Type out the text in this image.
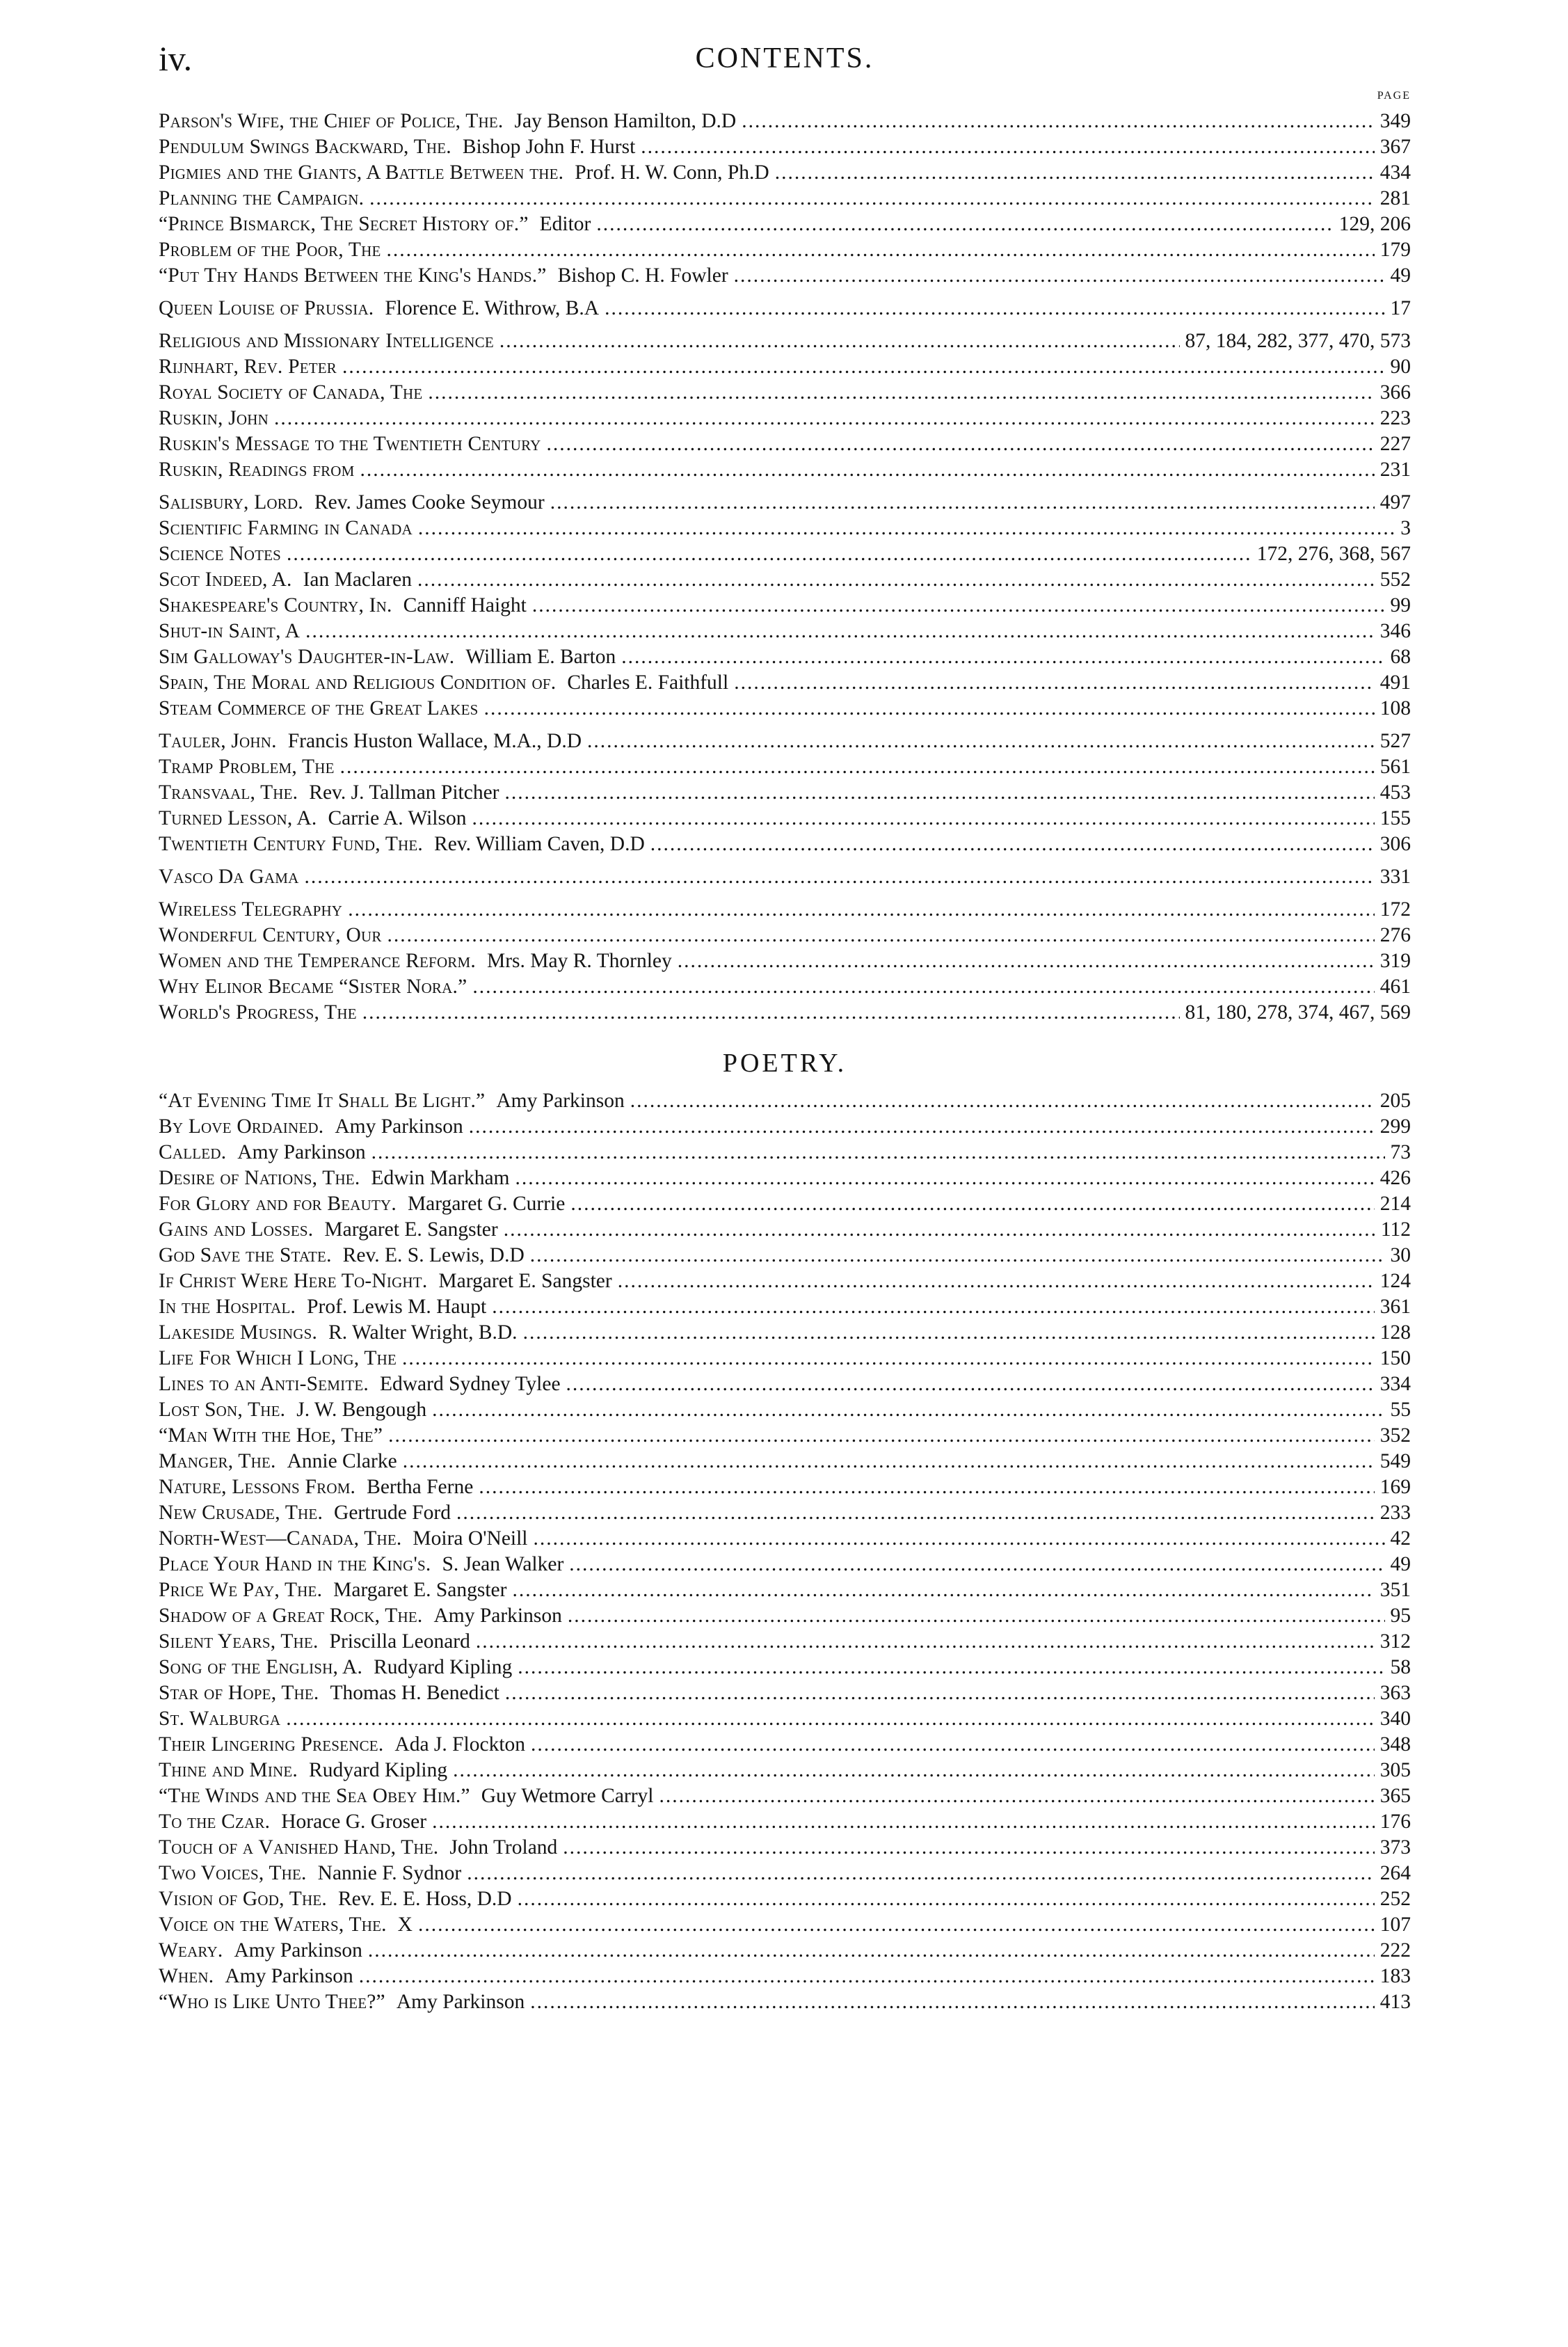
iv.	CONTENTS.
PAGE
Parson's Wife, the Chief of Police, The. Jay Benson Hamilton, D.D .....	349
Pendulum Swings Backward, The. Bishop John F. Hurst .....	367
Pigmies and the Giants, A Battle Between the. Prof. H. W. Conn, Ph.D .....	434
Planning the Campaign. .....	281
“Prince Bismarck, The Secret History of.” Editor .....	129, 206
Problem of the Poor, The .....	179
“Put Thy Hands Between the King's Hands.” Bishop C. H. Fowler .....	49
Queen Louise of Prussia. Florence E. Withrow, B.A .....	17
Religious and Missionary Intelligence .....	87, 184, 282, 377, 470, 573
Rijnhart, Rev. Peter .....	90
Royal Society of Canada, The .....	366
Ruskin, John .....	223
Ruskin's Message to the Twentieth Century .....	227
Ruskin, Readings from .....	231
Salisbury, Lord. Rev. James Cooke Seymour .....	497
Scientific Farming in Canada .....	3
Science Notes .....	172, 276, 368, 567
Scot Indeed, A. Ian Maclaren .....	552
Shakespeare's Country, In. Canniff Haight .....	99
Shut-in Saint, A .....	346
Sim Galloway's Daughter-in-Law. William E. Barton .....	68
Spain, The Moral and Religious Condition of. Charles E. Faithfull .....	491
Steam Commerce of the Great Lakes .....	108
Tauler, John. Francis Huston Wallace, M.A., D.D .....	527
Tramp Problem, The .....	561
Transvaal, The. Rev. J. Tallman Pitcher .....	453
Turned Lesson, A. Carrie A. Wilson .....	155
Twentieth Century Fund, The. Rev. William Caven, D.D .....	306
Vasco Da Gama .....	331
Wireless Telegraphy .....	172
Wonderful Century, Our .....	276
Women and the Temperance Reform. Mrs. May R. Thornley .....	319
Why Elinor Became “Sister Nora.” .....	461
World's Progress, The .....	81, 180, 278, 374, 467, 569
POETRY.
“At Evening Time It Shall Be Light.” Amy Parkinson .....	205
By Love Ordained. Amy Parkinson .....	299
Called. Amy Parkinson .....	73
Desire of Nations, The. Edwin Markham .....	426
For Glory and for Beauty. Margaret G. Currie .....	214
Gains and Losses. Margaret E. Sangster .....	112
God Save the State. Rev. E. S. Lewis, D.D .....	30
If Christ Were Here To-Night. Margaret E. Sangster .....	124
In the Hospital. Prof. Lewis M. Haupt .....	361
Lakeside Musings. R. Walter Wright, B.D. .....	128
Life For Which I Long, The .....	150
Lines to an Anti-Semite. Edward Sydney Tylee .....	334
Lost Son, The. J. W. Bengough .....	55
“Man With the Hoe, The” .....	352
Manger, The. Annie Clarke .....	549
Nature, Lessons From. Bertha Ferne .....	169
New Crusade, The. Gertrude Ford .....	233
North-West—Canada, The. Moira O'Neill .....	42
Place Your Hand in the King's. S. Jean Walker .....	49
Price We Pay, The. Margaret E. Sangster .....	351
Shadow of a Great Rock, The. Amy Parkinson .....	95
Silent Years, The. Priscilla Leonard .....	312
Song of the English, A. Rudyard Kipling .....	58
Star of Hope, The. Thomas H. Benedict .....	363
St. Walburga .....	340
Their Lingering Presence. Ada J. Flockton .....	348
Thine and Mine. Rudyard Kipling .....	305
“The Winds and the Sea Obey Him.” Guy Wetmore Carryl .....	365
To the Czar. Horace G. Groser .....	176
Touch of a Vanished Hand, The. John Troland .....	373
Two Voices, The. Nannie F. Sydnor .....	264
Vision of God, The. Rev. E. E. Hoss, D.D .....	252
Voice on the Waters, The. X .....	107
Weary. Amy Parkinson .....	222
When. Amy Parkinson .....	183
“Who is Like Unto Thee?” Amy Parkinson .....	413
